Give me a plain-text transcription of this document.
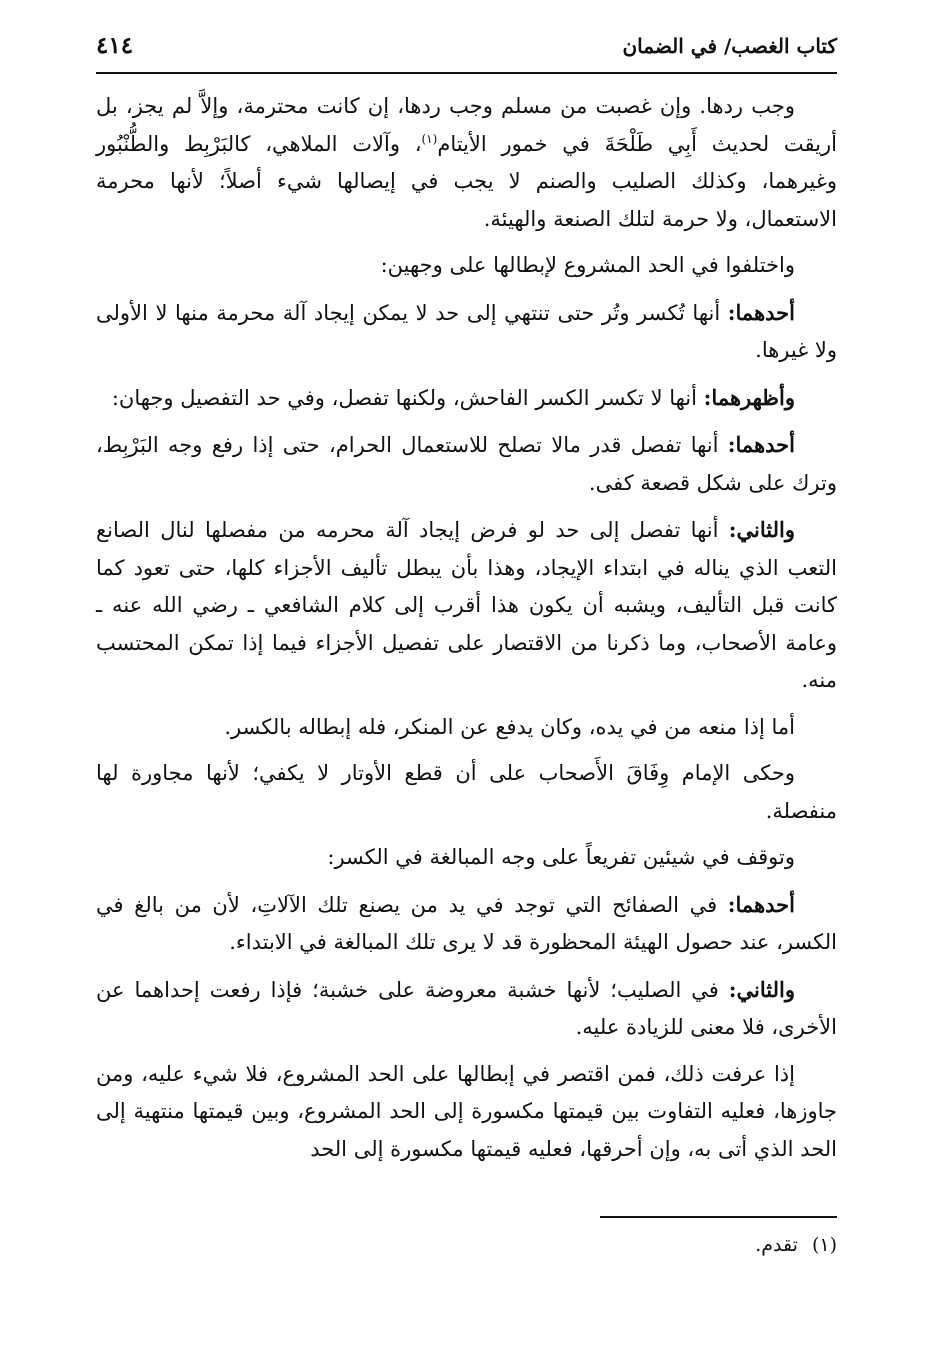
كتاب الغصب/ في الضمان
٤١٤

وجب ردها. وإن غصبت من مسلم وجب ردها، إن كانت محترمة، وإلاَّ لم يجز، بل أريقت لحديث أَبِي طَلْحَةَ في خمور الأيتام$^{(١)}$، وآلات الملاهي، كالبَرْبِط والطُّنْبُور وغيرهما، وكذلك الصليب والصنم لا يجب في إيصالها شيء أصلاً؛ لأنها محرمة الاستعمال، ولا حرمة لتلك الصنعة والهيئة.

واختلفوا في الحد المشروع لإبطالها على وجهين:

أحدهما: أنها تُكسر وتُر حتى تنتهي إلى حد لا يمكن إيجاد آلة محرمة منها لا الأولى ولا غيرها.

وأظهرهما: أنها لا تكسر الكسر الفاحش، ولكنها تفصل، وفي حد التفصيل وجهان:

أحدهما: أنها تفصل قدر مالا تصلح للاستعمال الحرام، حتى إذا رفع وجه البَرْبِط، وترك على شكل قصعة كفى.

والثاني: أنها تفصل إلى حد لو فرض إيجاد آلة محرمه من مفصلها لنال الصانع التعب الذي يناله في ابتداء الإيجاد، وهذا بأن يبطل تأليف الأجزاء كلها، حتى تعود كما كانت قبل التأليف، ويشبه أن يكون هذا أقرب إلى كلام الشافعي ـ رضي الله عنه ـ وعامة الأصحاب، وما ذكرنا من الاقتصار على تفصيل الأجزاء فيما إذا تمكن المحتسب منه.

أما إذا منعه من في يده، وكان يدفع عن المنكر، فله إبطاله بالكسر.

وحكى الإمام وِفَاقَ الأَصحاب على أن قطع الأوتار لا يكفي؛ لأنها مجاورة لها منفصلة.

وتوقف في شيئين تفريعاً على وجه المبالغة في الكسر:

أحدهما: في الصفائح التي توجد في يد من يصنع تلك الآلاتِ، لأن من بالغ في الكسر، عند حصول الهيئة المحظورة قد لا يرى تلك المبالغة في الابتداء.

والثاني: في الصليب؛ لأنها خشبة معروضة على خشبة؛ فإذا رفعت إحداهما عن الأخرى، فلا معنى للزيادة عليه.

إذا عرفت ذلك، فمن اقتصر في إبطالها على الحد المشروع، فلا شيء عليه، ومن جاوزها، فعليه التفاوت بين قيمتها مكسورة إلى الحد المشروع، وبين قيمتها منتهية إلى الحد الذي أتى به، وإن أحرقها، فعليه قيمتها مكسورة إلى الحد

(١)تقدم.
